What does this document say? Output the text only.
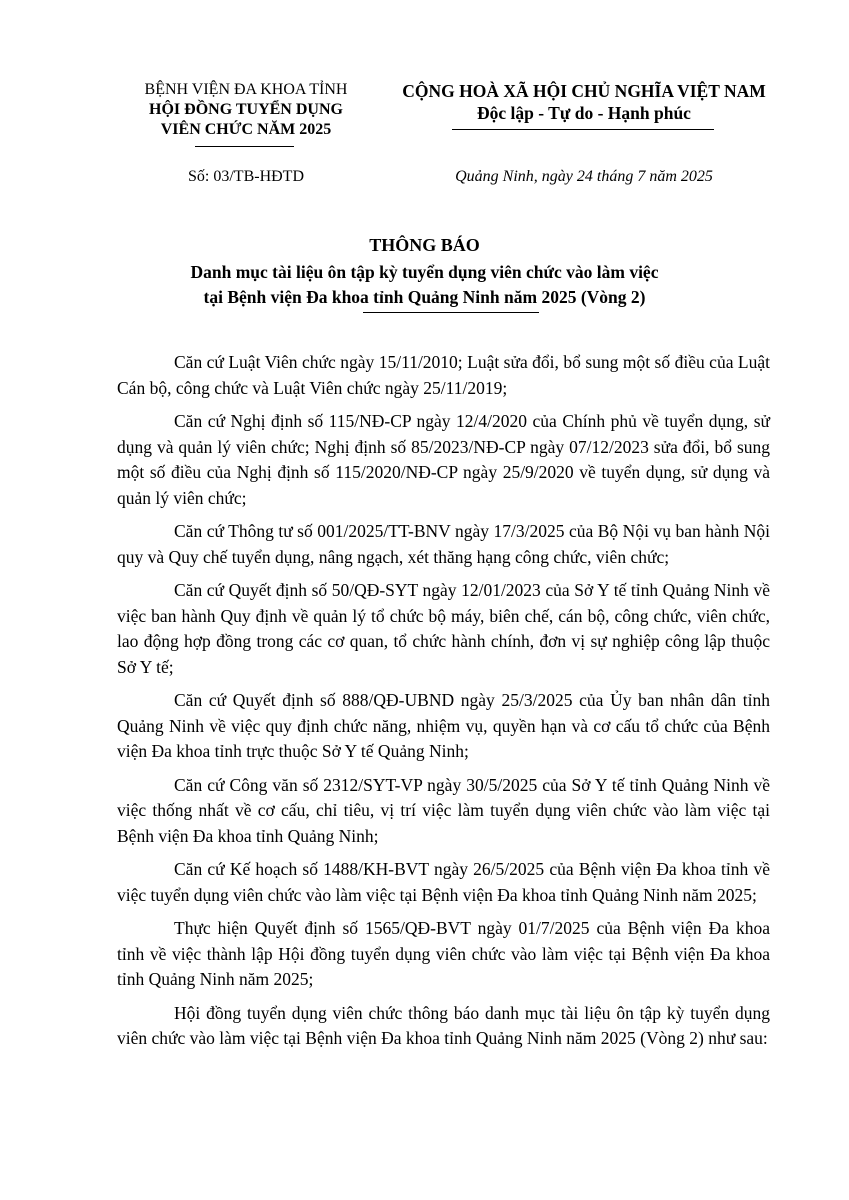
BỆNH VIỆN ĐA KHOA TỈNH
HỘI ĐỒNG TUYỂN DỤNG
VIÊN CHỨC NĂM 2025
CỘNG HOÀ XÃ HỘI CHỦ NGHĨA VIỆT NAM
Độc lập - Tự do - Hạnh phúc
Số: 03/TB-HĐTD	Quảng Ninh, ngày 24 tháng 7 năm 2025
THÔNG BÁO
Danh mục tài liệu ôn tập kỳ tuyển dụng viên chức vào làm việc
tại Bệnh viện Đa khoa tỉnh Quảng Ninh năm 2025 (Vòng 2)

Căn cứ Luật Viên chức ngày 15/11/2010; Luật sửa đổi, bổ sung một số điều của Luật Cán bộ, công chức và Luật Viên chức ngày 25/11/2019;

Căn cứ Nghị định số 115/NĐ-CP ngày 12/4/2020 của Chính phủ về tuyển dụng, sử dụng và quản lý viên chức; Nghị định số 85/2023/NĐ-CP ngày 07/12/2023 sửa đổi, bổ sung một số điều của Nghị định số 115/2020/NĐ-CP ngày 25/9/2020 về tuyển dụng, sử dụng và quản lý viên chức;

Căn cứ Thông tư số 001/2025/TT-BNV ngày 17/3/2025 của Bộ Nội vụ ban hành Nội quy và Quy chế tuyển dụng, nâng ngạch, xét thăng hạng công chức, viên chức;

Căn cứ Quyết định số 50/QĐ-SYT ngày 12/01/2023 của Sở Y tế tỉnh Quảng Ninh về việc ban hành Quy định về quản lý tổ chức bộ máy, biên chế, cán bộ, công chức, viên chức, lao động hợp đồng trong các cơ quan, tổ chức hành chính, đơn vị sự nghiệp công lập thuộc Sở Y tế;

Căn cứ Quyết định số 888/QĐ-UBND ngày 25/3/2025 của Ủy ban nhân dân tỉnh Quảng Ninh về việc quy định chức năng, nhiệm vụ, quyền hạn và cơ cấu tổ chức của Bệnh viện Đa khoa tỉnh trực thuộc Sở Y tế Quảng Ninh;

Căn cứ Công văn số 2312/SYT-VP ngày 30/5/2025 của Sở Y tế tỉnh Quảng Ninh về việc thống nhất về cơ cấu, chỉ tiêu, vị trí việc làm tuyển dụng viên chức vào làm việc tại Bệnh viện Đa khoa tỉnh Quảng Ninh;

Căn cứ Kế hoạch số 1488/KH-BVT ngày 26/5/2025 của Bệnh viện Đa khoa tỉnh về việc tuyển dụng viên chức vào làm việc tại Bệnh viện Đa khoa tỉnh Quảng Ninh năm 2025;

Thực hiện Quyết định số 1565/QĐ-BVT ngày 01/7/2025 của Bệnh viện Đa khoa tỉnh về việc thành lập Hội đồng tuyển dụng viên chức vào làm việc tại Bệnh viện Đa khoa tỉnh Quảng Ninh năm 2025;

Hội đồng tuyển dụng viên chức thông báo danh mục tài liệu ôn tập kỳ tuyển dụng viên chức vào làm việc tại Bệnh viện Đa khoa tỉnh Quảng Ninh năm 2025 (Vòng 2) như sau:
